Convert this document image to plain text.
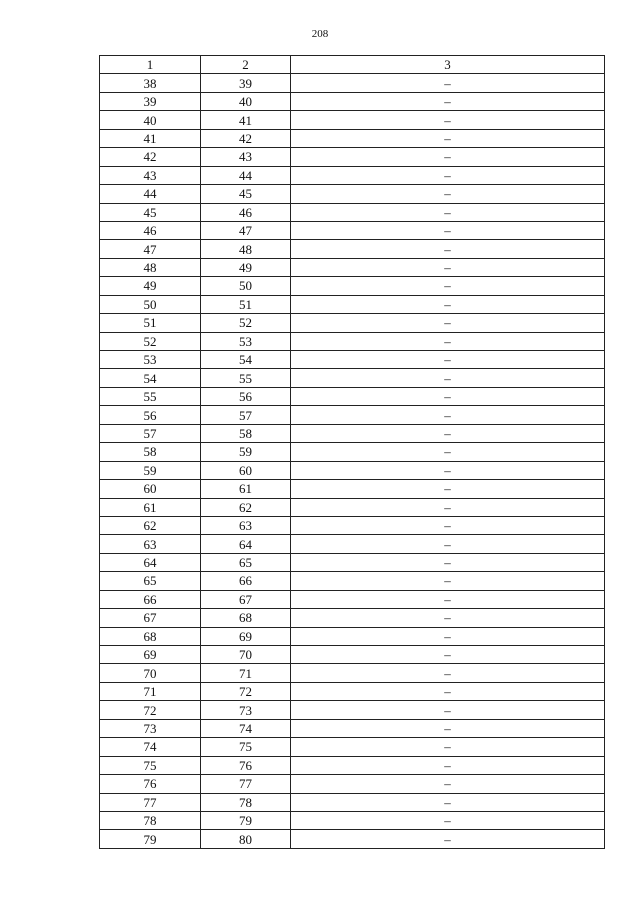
208
1	2	3
38	39	–
39	40	–
40	41	–
41	42	–
42	43	–
43	44	–
44	45	–
45	46	–
46	47	–
47	48	–
48	49	–
49	50	–
50	51	–
51	52	–
52	53	–
53	54	–
54	55	–
55	56	–
56	57	–
57	58	–
58	59	–
59	60	–
60	61	–
61	62	–
62	63	–
63	64	–
64	65	–
65	66	–
66	67	–
67	68	–
68	69	–
69	70	–
70	71	–
71	72	–
72	73	–
73	74	–
74	75	–
75	76	–
76	77	–
77	78	–
78	79	–
79	80	–
